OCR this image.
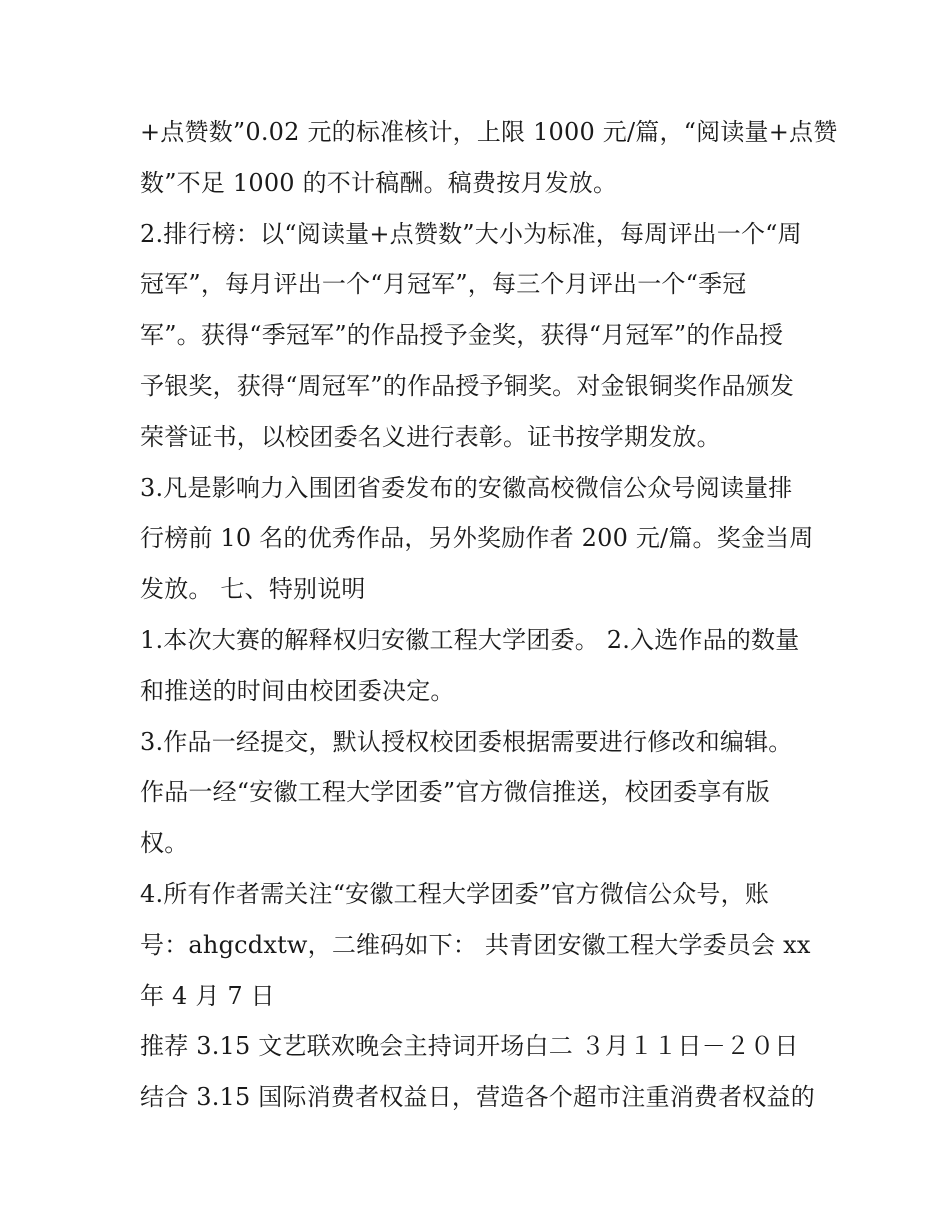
+点赞数”0.02 元的标准核计，上限 1000 元/篇，“阅读量+点赞
数”不足 1000 的不计稿酬。稿费按月发放。
2.排行榜：以“阅读量+点赞数”大小为标准，每周评出一个“周
冠军”，每月评出一个“月冠军”，每三个月评出一个“季冠
军”。获得“季冠军”的作品授予金奖，获得“月冠军”的作品授
予银奖，获得“周冠军”的作品授予铜奖。对金银铜奖作品颁发
荣誉证书，以校团委名义进行表彰。证书按学期发放。
3.凡是影响力入围团省委发布的安徽高校微信公众号阅读量排
行榜前 10 名的优秀作品，另外奖励作者 200 元/篇。奖金当周
发放。 七、特别说明
1.本次大赛的解释权归安徽工程大学团委。 2.入选作品的数量
和推送的时间由校团委决定。
3.作品一经提交，默认授权校团委根据需要进行修改和编辑。
作品一经“安徽工程大学团委”官方微信推送，校团委享有版
权。
4.所有作者需关注“安徽工程大学团委”官方微信公众号，账
号：ahgcdxtw，二维码如下： 共青团安徽工程大学委员会 xx
年 4 月 7 日
推荐 3.15 文艺联欢晚会主持词开场白二 ３月１１日－２０日
结合 3.15 国际消费者权益日，营造各个超市注重消费者权益的
